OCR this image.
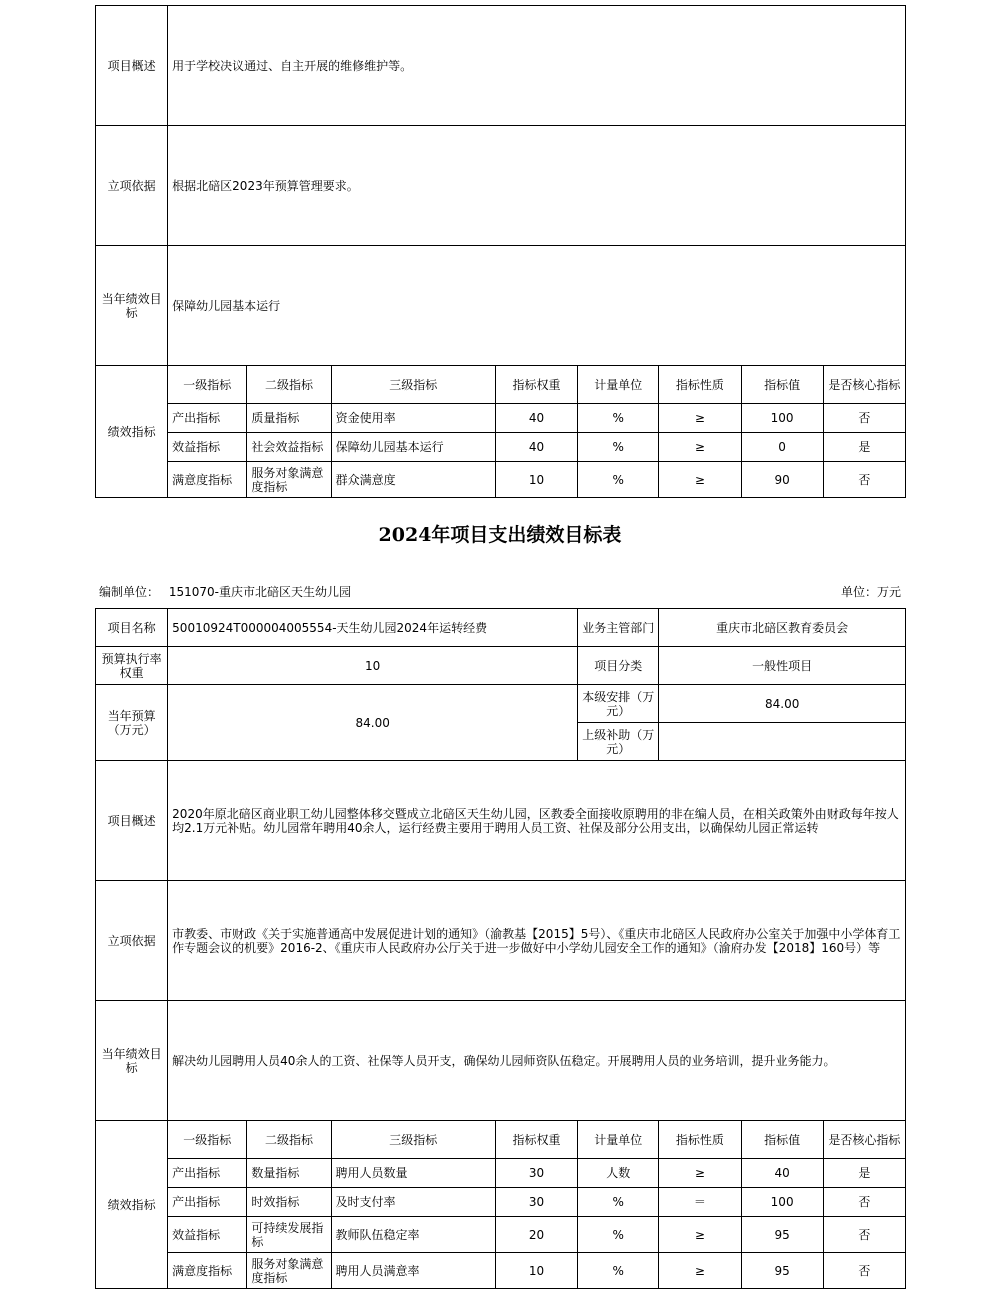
项目概述	用于学校决议通过、自主开展的维修维护等。							
立项依据	根据北碚区2023年预算管理要求。							
当年绩效目标	保障幼儿园基本运行							
绩效指标	一级指标	二级指标	三级指标	指标权重	计量单位	指标性质	指标值	是否核心指标
	产出指标	质量指标	资金使用率	40	%	≥	100	否
	效益指标	社会效益指标	保障幼儿园基本运行	40	%	≥	0	是
	满意度指标	服务对象满意度指标	群众满意度	10	%	≥	90	否
2024年项目支出绩效目标表
编制单位： 151070-重庆市北碚区天生幼儿园	单位：万元
项目名称	50010924T000004005554-天生幼儿园2024年运转经费				业务主管部门	重庆市北碚区教育委员会		
预算执行率权重	10				项目分类	一般性项目		
当年预算（万元）	84.00				本级安排（万元）	84.00		
					上级补助（万元）			
项目概述	2020年原北碚区商业职工幼儿园整体移交暨成立北碚区天生幼儿园，区教委全面接收原聘用的非在编人员，在相关政策外由财政每年按人均2.1万元补贴。幼儿园常年聘用40余人，运行经费主要用于聘用人员工资、社保及部分公用支出，以确保幼儿园正常运转							
立项依据	市教委、市财政《关于实施普通高中发展促进计划的通知》（渝教基【2015】5号）、《重庆市北碚区人民政府办公室关于加强中小学体育工作专题会议的机要》2016-2、《重庆市人民政府办公厅关于进一步做好中小学幼儿园安全工作的通知》（渝府办发【2018】160号）等							
当年绩效目标	解决幼儿园聘用人员40余人的工资、社保等人员开支，确保幼儿园师资队伍稳定。开展聘用人员的业务培训，提升业务能力。							
绩效指标	一级指标	二级指标	三级指标	指标权重	计量单位	指标性质	指标值	是否核心指标
	产出指标	数量指标	聘用人员数量	30	人数	≥	40	是
	产出指标	时效指标	及时支付率	30	%	＝	100	否
	效益指标	可持续发展指标	教师队伍稳定率	20	%	≥	95	否
	满意度指标	服务对象满意度指标	聘用人员满意率	10	%	≥	95	否
